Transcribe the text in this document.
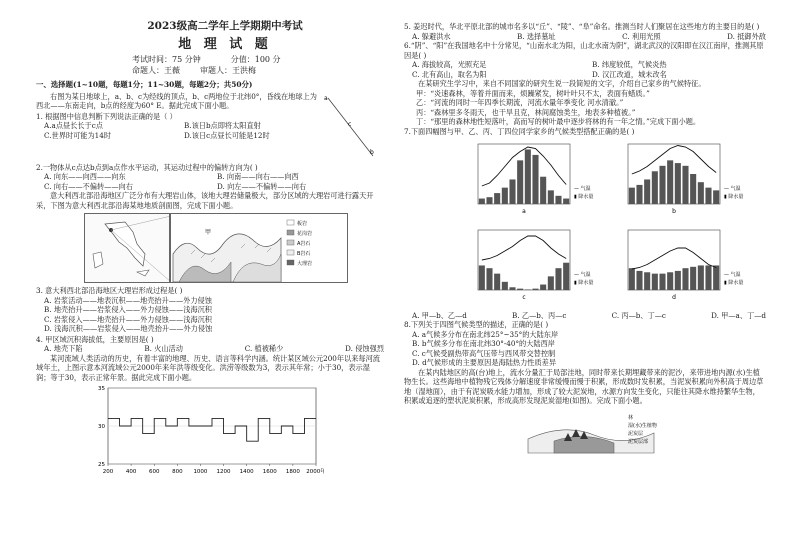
2023级高二学年上学期期中考试
地 理 试 题
考试时间：75 分钟	分值：100 分
命题人：王薇	审题人：王洪梅
一、选择题(1~10题，每题1分；11~30题，每题2分；共50分)
右图为某日地球上，a、b、c为经线的顶点，b、c两地位于北纬0°，昏线在地球上为西北——东南走向，b点的经度为60° E。据此完成下面小题。
1. 根据图中信息判断下列说法正确的是（ ）
A.a点昼长长于c点	B.该日b点即将太阳直射
C.世界时可能为14时	D.该日c点昼长可能是12时
a
c
b
2.一物体从c点达b点到a点作水平运动，其运动过程中的偏转方向为( )
A. 向东——向西——向东	B. 向南——向右——向西
C. 向右——不偏转——向右	D. 向左——不偏转——向右
意大利西北部沿海地区广泛分布有大理岩山体，该地大理岩储量极大，部分区域的大理岩可进行露天开采，下图为意大利西北部沿海某地地质剖面图，完成下面小题。
甲
板岩
花岗岩
A岩石
B岩石
大理岩
3. 意大利西北部沿海地区大理岩形成过程是( )
A. 岩浆活动——地表沉积——地壳抬升——外力侵蚀
B. 地壳抬升——岩浆侵入——外力侵蚀——浅海沉积
C. 岩浆侵入——地壳抬升——外力侵蚀——浅海沉积
D. 浅海沉积——岩浆侵入——地壳抬升——外力侵蚀
4. 甲区域沉积海拔低，主要原因是( )
A. 地壳下陷	B. 火山活动	C. 植被稀少	D. 侵蚀强烈
某河流域人类活动的历史，有着丰富的地理、历史、语言等科学内涵。统计某区域公元200年以来每河流域年土，上图示意本河流域公元2000年来年洪等级变化。洪涝等级数为3，表示其年常；小于30，表示湿润；等于30，表示正常年景。据此完成下面小题。
35
30
25
200 400 600 800 1000 1200 1400 1600 1800 2000年
5. 姜迟时代，华北平原北部的城市名多以“丘”、“陵”、“阜”命名。推测当时人们聚居在这些地方的主要目的是( )
A. 躲避洪水	B. 选择墓址	C. 利用光照	D. 抵御外敌
6.“阴”、“阳”在我国地名中十分常见，“山南水北为阳，山北水南为阴”，湖北武汉的汉阳即在汉江南岸，推测其原因是( )
A. 海拔较高，光照充足	B. 纬度较低，气候炎热
C. 北有高山，取名为阳	D. 汉江改道，城未改名
在某研究生学习中，来自不同国家的研究生说一段简短的文字，介绍自己家乡的气候特征。
甲：“炎速森林，等着并面而来，烦躁紧发，树叶叶只不太，表面有蜡质。”
乙：“河流的同时一年四季长期流，河流水量年季变化 河水清澈。”
丙：“森林里多冬雨天，也干旱且克，林间腐蚀类生，地表多种植被。”
丁：“那里的森林地性短落叶，高而写的树叶最中逐步将林的有一年之情。”完成下面小题。
7.下面四幅图与甲、乙、丙、丁四位同学家乡的气候类型搭配正确的是( )
a
— 气温
▮ 降水量
b
— 气温
▮ 降水量
c
— 气温
▮ 降水量
d
— 气温
▮ 降水量
A. 甲—b、乙—d	B. 乙—b、丙—c	C. 丙—b、丁—c	D. 甲—a、丁—d
8.下列关于四图气候类型的描述，正确的是( )
A. a气候多分布在南北纬25°~35°的大陆东岸
B. b气候多分布在南北纬30°-40°的大陆西岸
C. c气候受副热带高气压带与西风带交替控制
D. d气候形成的主要原因是海陆热力性质差异
在某内陆地区的高(台)地上，流水分量汇于局部洼地，同时带来长期埋藏带来的泥沙，来带进地内源(水)生植物生长。这些海地中植物残它残体分解速度非常缓慢而慢于积累，形成数时发积累，当泥炭积累向外积高于周边草地（湿地面），由于有泥炭吸水能力增加，形成了较大泥炭地，水源方向发生变化，只能往其降水维持繁华生物，积累或追逐的塑状泥炭积累，形成高形发现泥炭湿地(如图)。完成下面小题。
林
湿(水)生植物
泥炭层
泥炭层部
